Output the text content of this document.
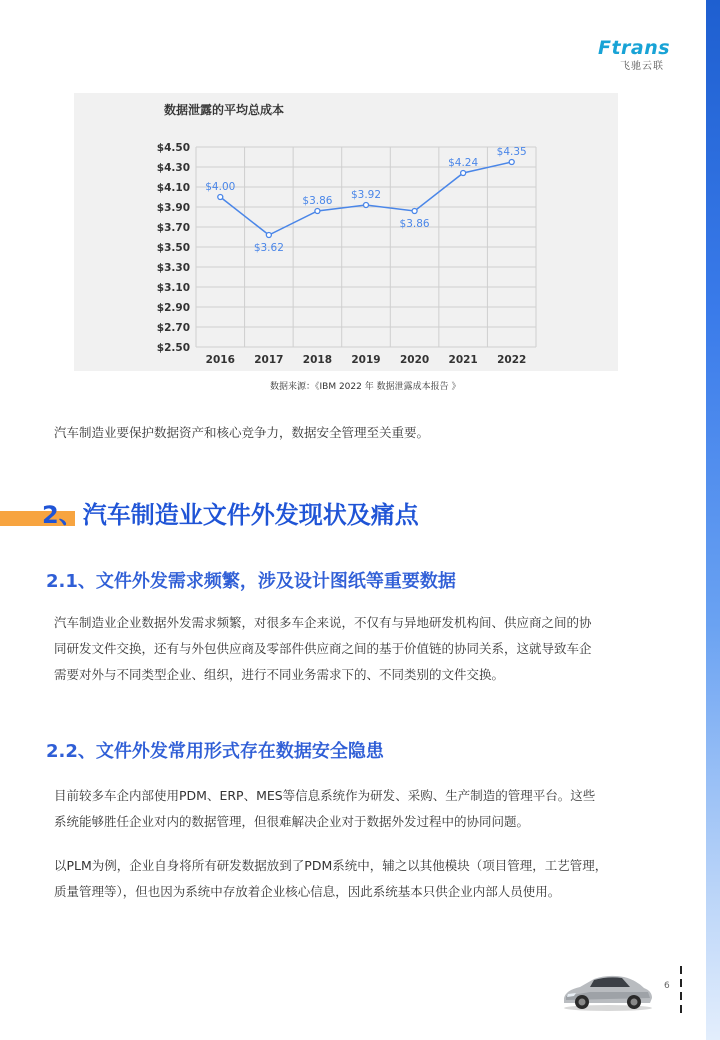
Ftrans
飞驰云联
数据泄露的平均总成本
$4.50
$4.30
$4.10
$3.90
$3.70
$3.50
$3.30
$3.10
$2.90
$2.70
$2.50
2016 2017 2018 2019 2020 2021 2022
$4.00
$3.62
$3.86 $3.92
$3.86
$4.24
$4.35
数据来源：《IBM 2022 年 数据泄露成本报告 》

汽车制造业要保护数据资产和核心竞争力，数据安全管理至关重要。

2、汽车制造业文件外发现状及痛点
2.1、文件外发需求频繁，涉及设计图纸等重要数据

汽车制造业企业数据外发需求频繁，对很多车企来说，不仅有与异地研发机构间、供应商之间的协
同研发文件交换，还有与外包供应商及零部件供应商之间的基于价值链的协同关系，这就导致车企
需要对外与不同类型企业、组织，进行不同业务需求下的、不同类别的文件交换。

2.2、文件外发常用形式存在数据安全隐患

目前较多车企内部使用PDM、ERP、MES等信息系统作为研发、采购、生产制造的管理平台。这些
系统能够胜任企业对内的数据管理，但很难解决企业对于数据外发过程中的协同问题。

以PLM为例，企业自身将所有研发数据放到了PDM系统中，辅之以其他模块（项目管理，工艺管理，
质量管理等），但也因为系统中存放着企业核心信息，因此系统基本只供企业内部人员使用。

6
